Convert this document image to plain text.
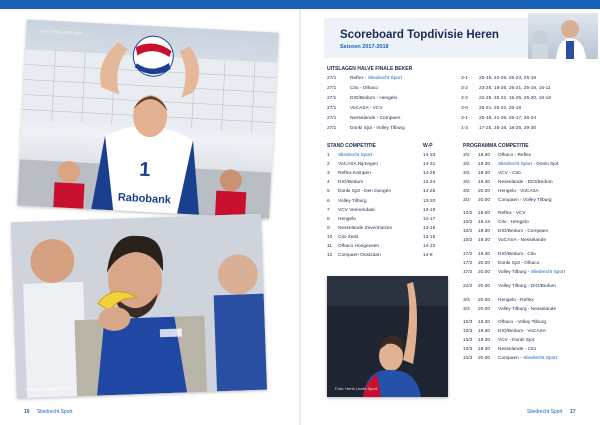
1
Rabobank
Foto: Henk Lezeit Sport
Foto: Lorem ipsum Sport
16 Sliedrecht Sport
Scoreboard Topdivisie Heren
Seizoen 2017-2018
UITSLAGEN HALVE FINALE BEKER
27/1	Reflex - Sliedrecht Sport	3-1 25-15, 22-25, 25-23, 25-19
27/1	Cito - Olhaco	3-2 23-25, 18-25, 25-21, 25-19, 15-11
27/1	DIO/Bedum - Hengelo	3-2 22-25, 25-22, 15-25, 25-20, 18-16
27/1	VoCASA - VCV	3-0 25-21, 25-22, 25-18
27/1	Nesselande - Compaen	3-1 25-18, 21-25, 25-17, 26-24
27/1	Donki Sjot - Volley Tilburg	1-3 17-25, 25-16, 18-25, 29-30
STAND COMPETITIE	W-P
1 Sliedrecht Sport	14-33
2 VoCASA Nijmegen	14-31
3 Reflex Kampen	14-26
4 DIO/Bedum	12-24
5 Donki Sjot - Den Dungen	14-25
6 Volley Tilburg	13-20
7 VCV Veenendaal	13-18
8 Hengelo	14-17
9 Nesselande Zevenhuizen	13-16
10 Cito Zeist	13-15
11 Olhaco Hoogeveen	14-12
12 Compaen Oostzaan	14-8
PROGRAMMA COMPETITIE
3/2 18.30 Olhaco - Reflex
3/2 19.30 Sliedrecht Sport - Donki Sjot
3/2 19.30 VCV - Cito
3/2 19.30 Nesselande - DIO/Bedum
3/2 20.00 Hengelo - VoCASA
3/2 20.00 Compaen - Volley Tilburg
10/2 18.00 Reflex - VCV
10/2 19.15 Cito - Hengelo
10/2 19.30 DIO/Bedum - Compaen
10/2 19.30 VoCASA - Nesselande
17/2 19.30 DIO/Bedum - Cito
17/2 20.00 Donki Sjot - Olhaco
17/2 20.00 Volley Tilburg - Sliedrecht Sport
24/2 20.00 Volley Tilburg - DIO/Bedum
3/3 20.00 Hengelo - Reflex
3/3 20.00 Volley Tilburg - Nesselande
10/3 18.30 Olhaco - Volley Tilburg
10/3 19.30 DIO/Bedum - VoCASA
10/3 19.30 VCV - Donki Sjot
10/3 19.30 Nesselande - Cito
10/3 20.00 Compaen - Sliedrecht Sport
Foto: Henk Lezeit Sport
Sliedrecht Sport 17
